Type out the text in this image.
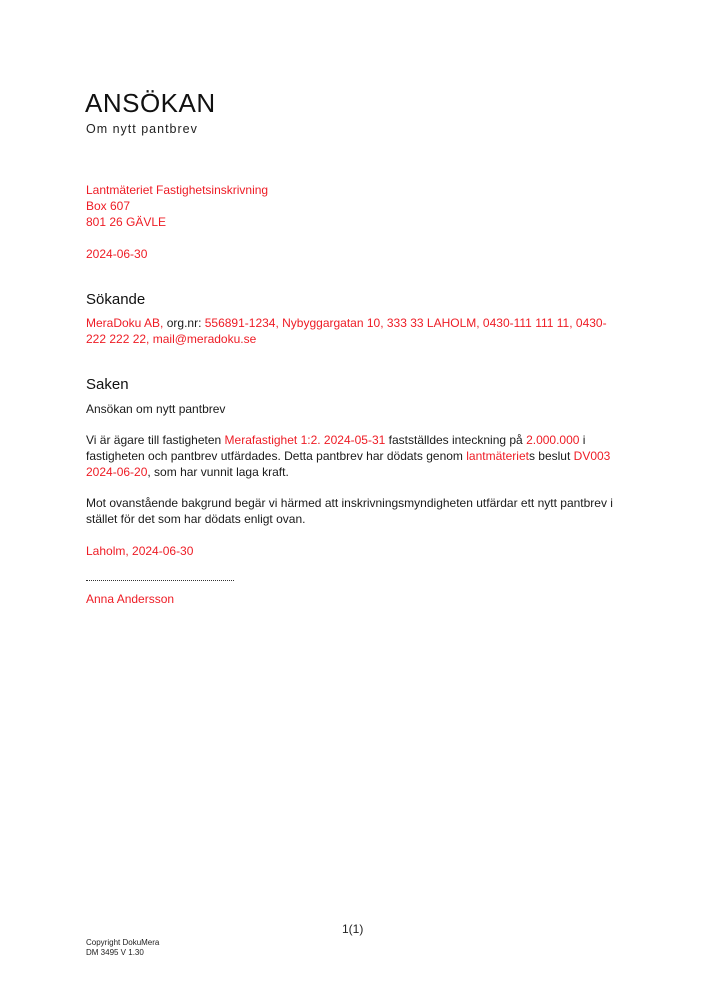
ANSÖKAN
Om nytt pantbrev
Lantmäteriet Fastighetsinskrivning
Box 607
801 26 GÄVLE
2024-06-30
Sökande

MeraDoku AB, org.nr: 556891-1234, Nybyggargatan 10, 333 33 LAHOLM, 0430-111 111 11, 0430-222 222 22, mail@meradoku.se

Saken

Ansökan om nytt pantbrev

Vi är ägare till fastigheten Merafastighet 1:2. 2024-05-31 fastställdes inteckning på 2.000.000 i fastigheten och pantbrev utfärdades. Detta pantbrev har dödats genom lantmäteriets beslut DV003 2024-06-20, som har vunnit laga kraft.

Mot ovanstående bakgrund begär vi härmed att inskrivningsmyndigheten utfärdar ett nytt pantbrev i stället för det som har dödats enligt ovan.

Laholm, 2024-06-30
Anna Andersson
1(1)
Copyright DokuMera
DM 3495 V 1.30
